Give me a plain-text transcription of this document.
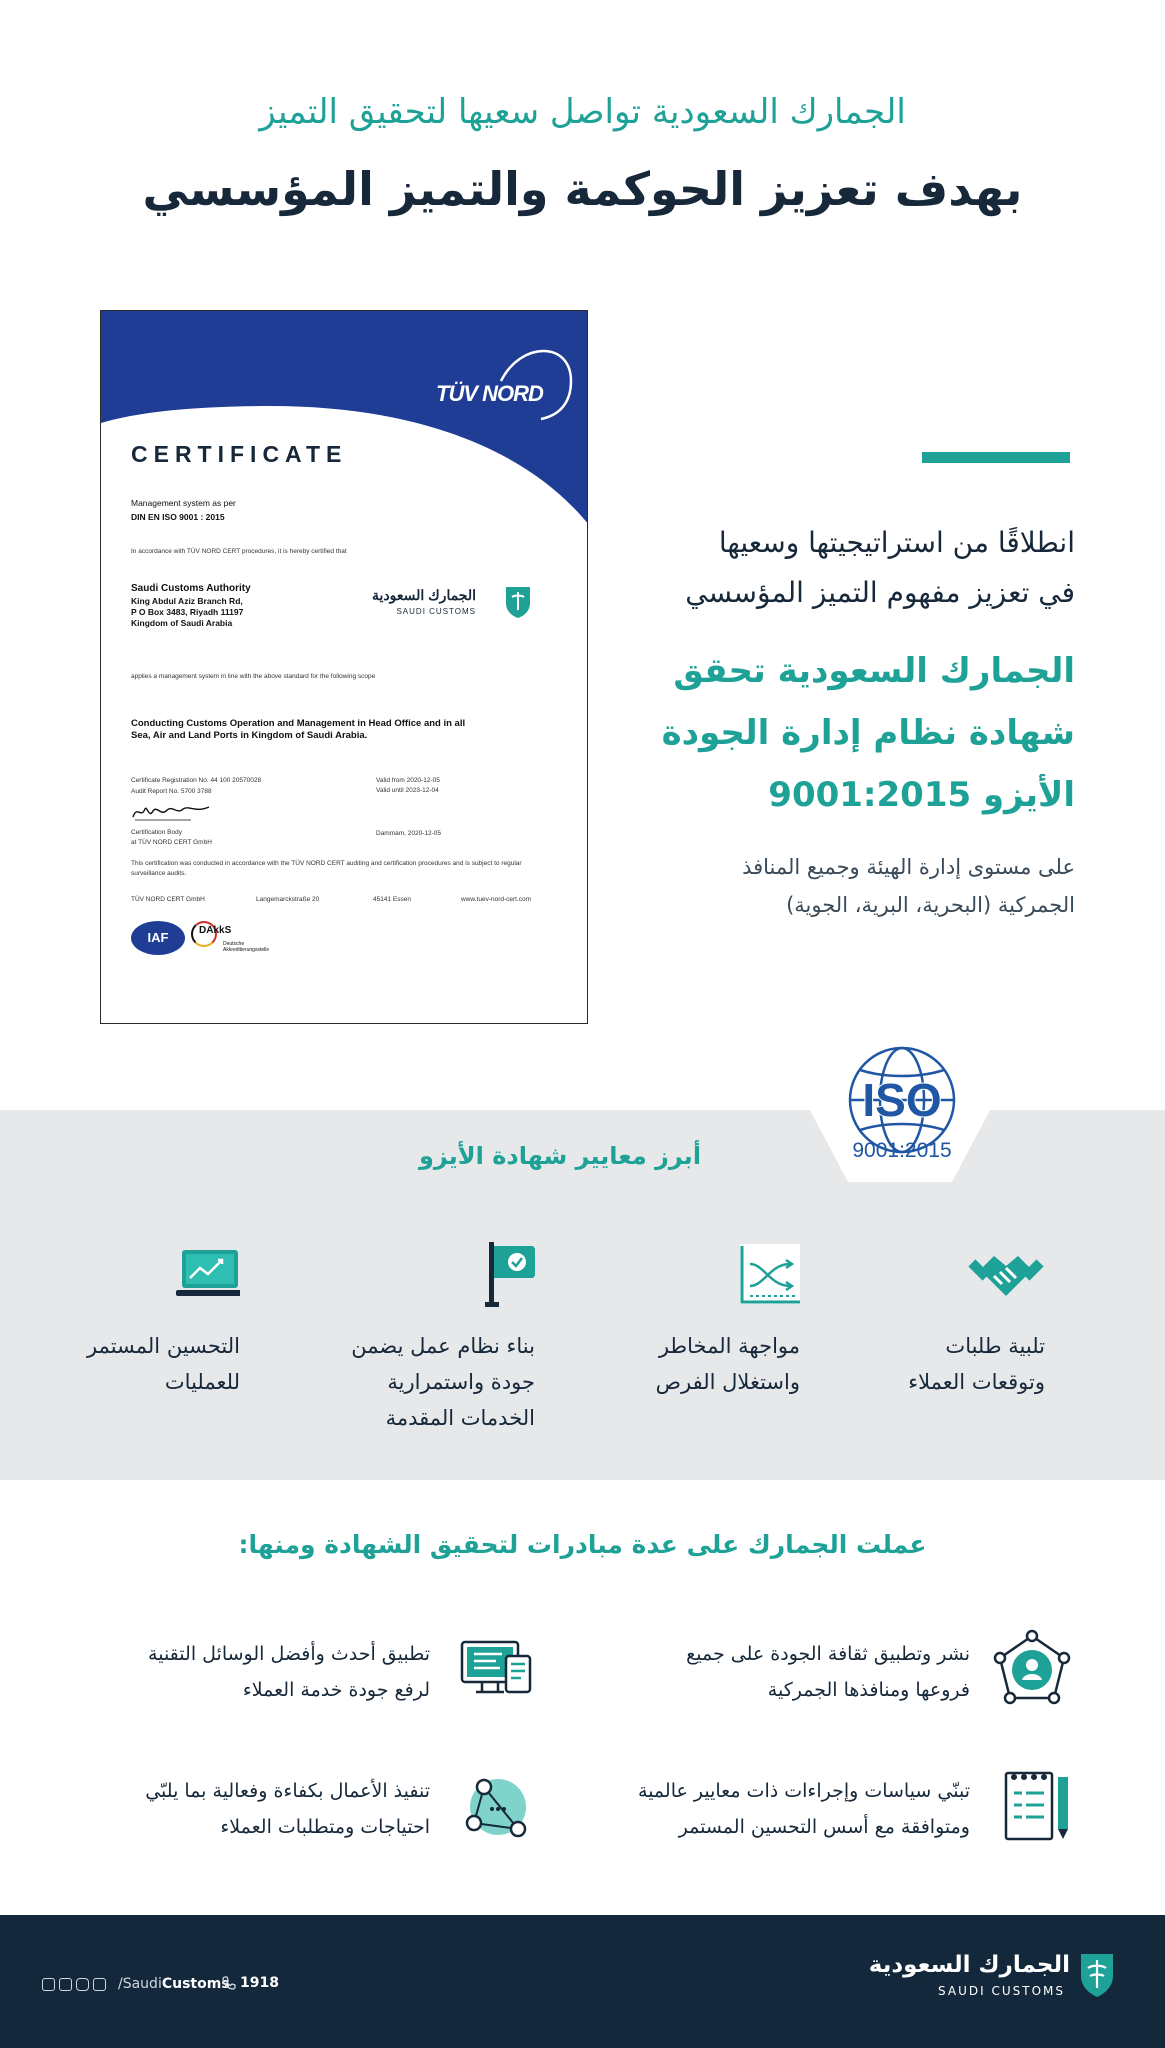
الجمارك السعودية تواصل سعيها لتحقيق التميز
بهدف تعزيز الحوكمة والتميز المؤسسي
TÜV NORD
CERTIFICATE
Management system as per
DIN EN ISO 9001 : 2015
In accordance with TÜV NORD CERT procedures, it is hereby certified that
Saudi Customs Authority
King Abdul Aziz Branch Rd,
P O Box 3483, Riyadh 11197
Kingdom of Saudi Arabia
الجمارك السعودية
SAUDI CUSTOMS
applies a management system in line with the above standard for the following scope
Conducting Customs Operation and Management in Head Office and in all
Sea, Air and Land Ports in Kingdom of Saudi Arabia.
Certificate Registration No. 44 100 20570028
Audit Report No. 5700 3788
Valid from 2020-12-05
Valid until 2023-12-04
Certification Body
at TÜV NORD CERT GmbH
Dammam, 2020-12-05
This certification was conducted in accordance with the TÜV NORD CERT auditing and certification procedures and is subject to regular surveillance audits.
TÜV NORD CERT GmbH	Langemarckstraße 20	45141 Essen	www.tuev-nord-cert.com
IAF	DAkkS
Deutsche Akkreditierungsstelle
انطلاقًا من استراتيجيتها وسعيها
في تعزيز مفهوم التميز المؤسسي
الجمارك السعودية تحقق
شهادة نظام إدارة الجودة
الأيزو 9001:2015
على مستوى إدارة الهيئة وجميع المنافذ
الجمركية (البحرية، البرية، الجوية)
ISO
9001:2015
أبرز معايير شهادة الأيزو
تلبية طلبات
وتوقعات العملاء
مواجهة المخاطر
واستغلال الفرص
بناء نظام عمل يضمن
جودة واستمرارية
الخدمات المقدمة
التحسين المستمر
للعمليات
عملت الجمارك على عدة مبادرات لتحقيق الشهادة ومنها:
نشر وتطبيق ثقافة الجودة على جميع
فروعها ومنافذها الجمركية
تطبيق أحدث وأفضل الوسائل التقنية
لرفع جودة خدمة العملاء
تبنّي سياسات وإجراءات ذات معايير عالمية
ومتوافقة مع أسس التحسين المستمر
تنفيذ الأعمال بكفاءة وفعالية بما يلبّي
احتياجات ومتطلبات العملاء
الجمارك السعودية
SAUDI CUSTOMS
/SaudiCustoms 1918
